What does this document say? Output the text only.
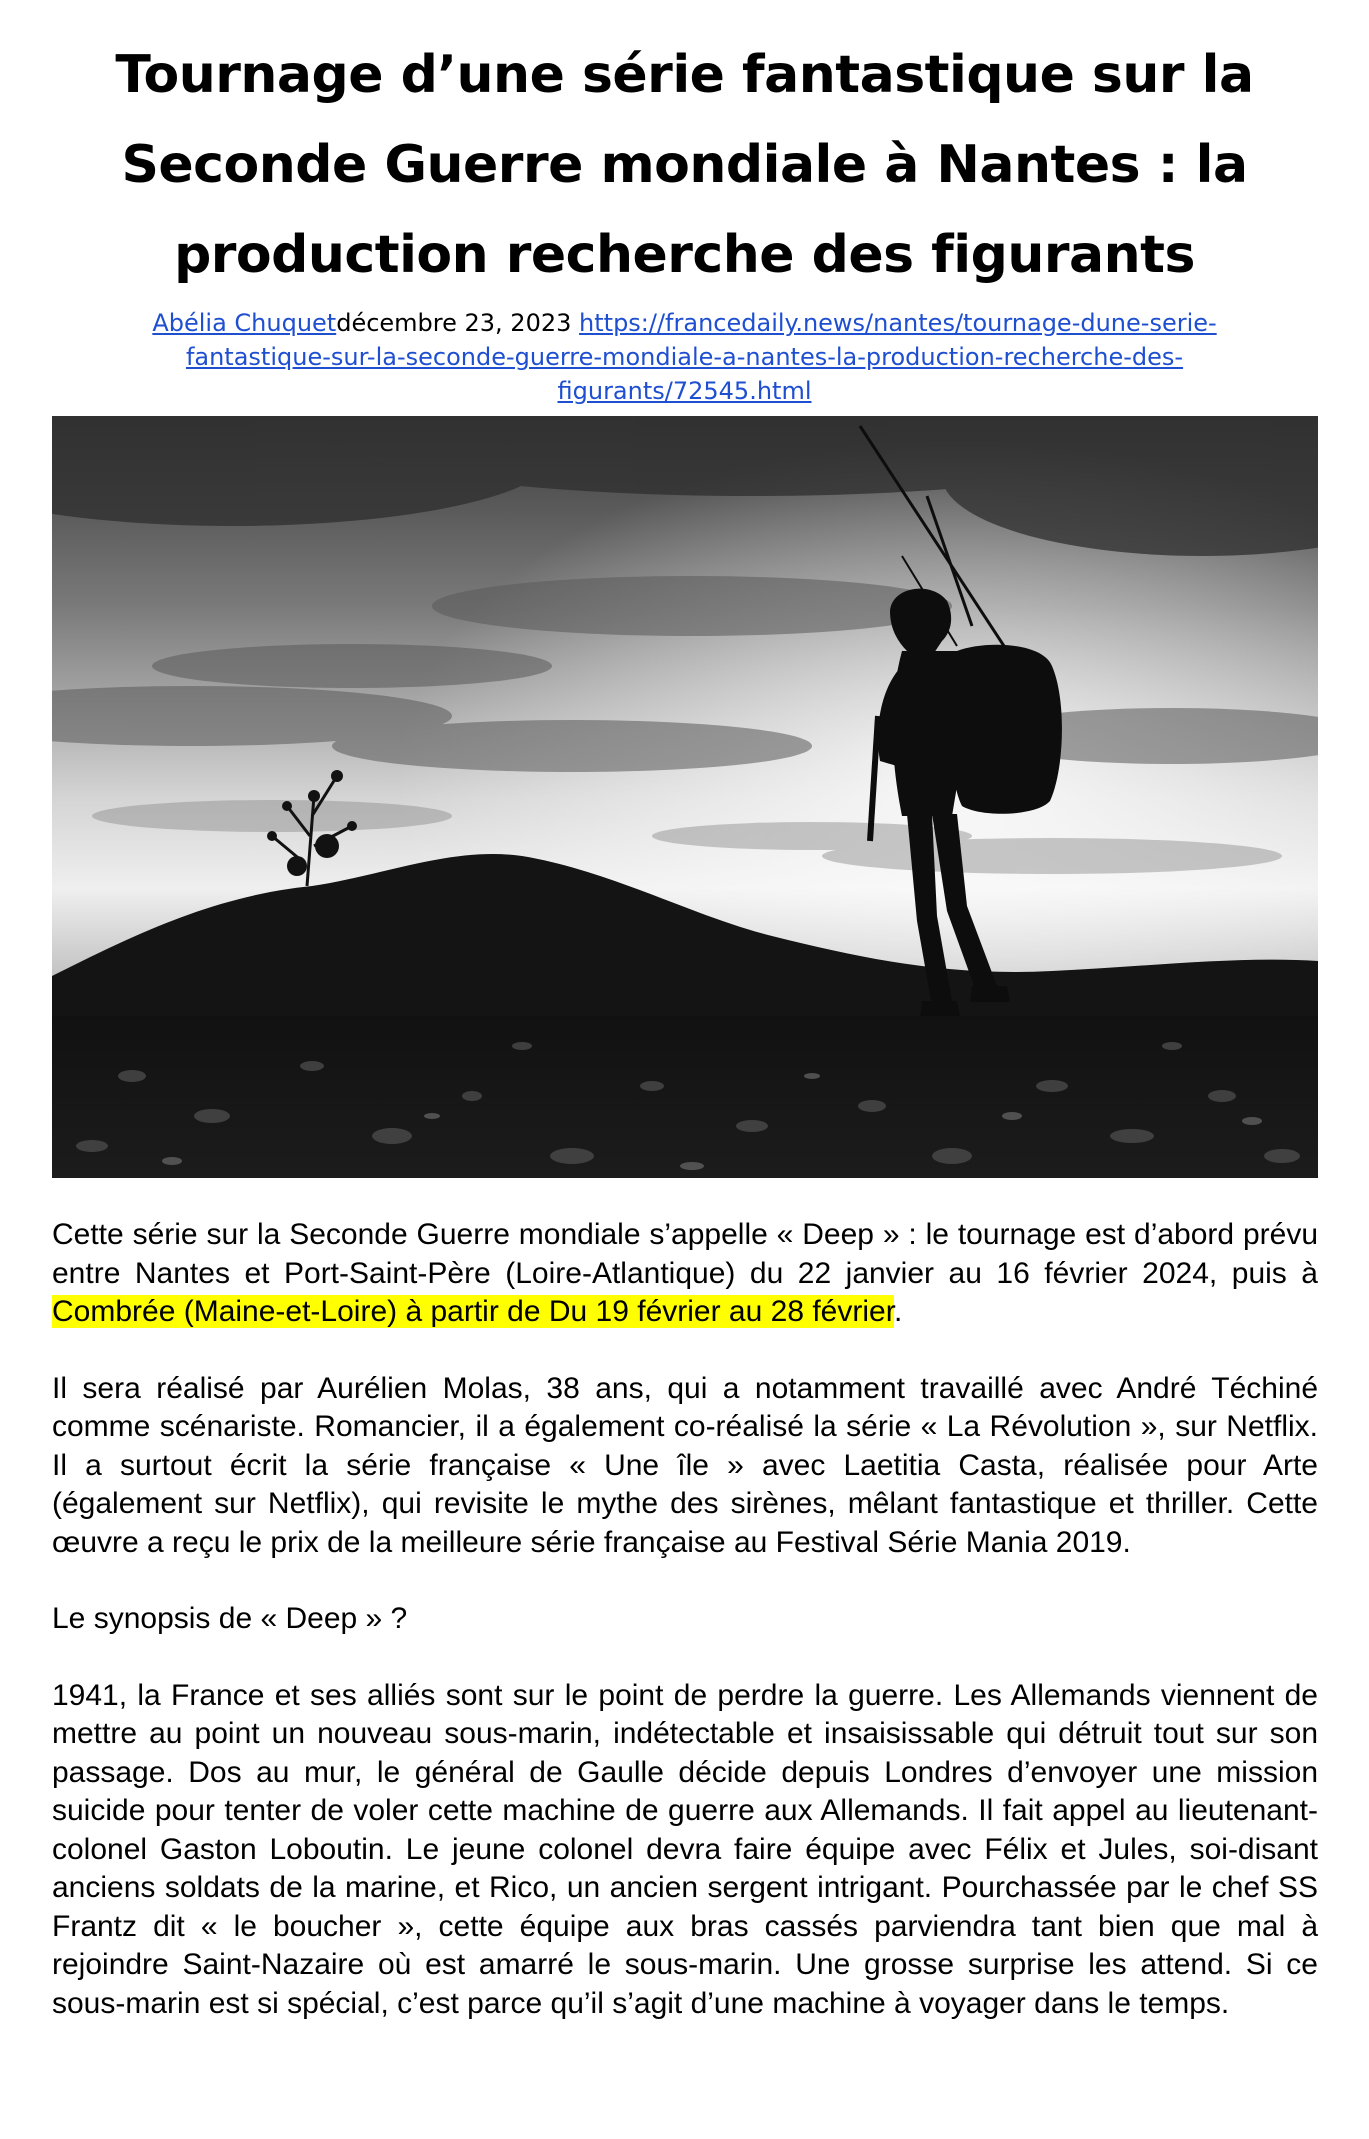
Tournage d’une série fantastique sur la Seconde Guerre mondiale à Nantes : la production recherche des figurants

Abélia Chuquetdécembre 23, 2023 https://francedaily.news/nantes/tournage-dune-serie-fantastique-sur-la-seconde-guerre-mondiale-a-nantes-la-production-recherche-des-figurants/72545.html

Cette série sur la Seconde Guerre mondiale s’appelle « Deep » : le tournage est d’abord prévu entre Nantes et Port-Saint-Père (Loire-Atlantique) du 22 janvier au 16 février 2024, puis à Combrée (Maine-et-Loire) à partir de Du 19 février au 28 février.

Il sera réalisé par Aurélien Molas, 38 ans, qui a notamment travaillé avec André Téchiné comme scénariste. Romancier, il a également co-réalisé la série « La Révolution », sur Netflix. Il a surtout écrit la série française « Une île » avec Laetitia Casta, réalisée pour Arte (également sur Netflix), qui revisite le mythe des sirènes, mêlant fantastique et thriller. Cette œuvre a reçu le prix de la meilleure série française au Festival Série Mania 2019.

Le synopsis de « Deep » ?

1941, la France et ses alliés sont sur le point de perdre la guerre. Les Allemands viennent de mettre au point un nouveau sous-marin, indétectable et insaisissable qui détruit tout sur son passage. Dos au mur, le général de Gaulle décide depuis Londres d’envoyer une mission suicide pour tenter de voler cette machine de guerre aux Allemands. Il fait appel au lieutenant-colonel Gaston Loboutin. Le jeune colonel devra faire équipe avec Félix et Jules, soi-disant anciens soldats de la marine, et Rico, un ancien sergent intrigant. Pourchassée par le chef SS Frantz dit « le boucher », cette équipe aux bras cassés parviendra tant bien que mal à rejoindre Saint-Nazaire où est amarré le sous-marin. Une grosse surprise les attend. Si ce sous-marin est si spécial, c’est parce qu’il s’agit d’une machine à voyager dans le temps.
